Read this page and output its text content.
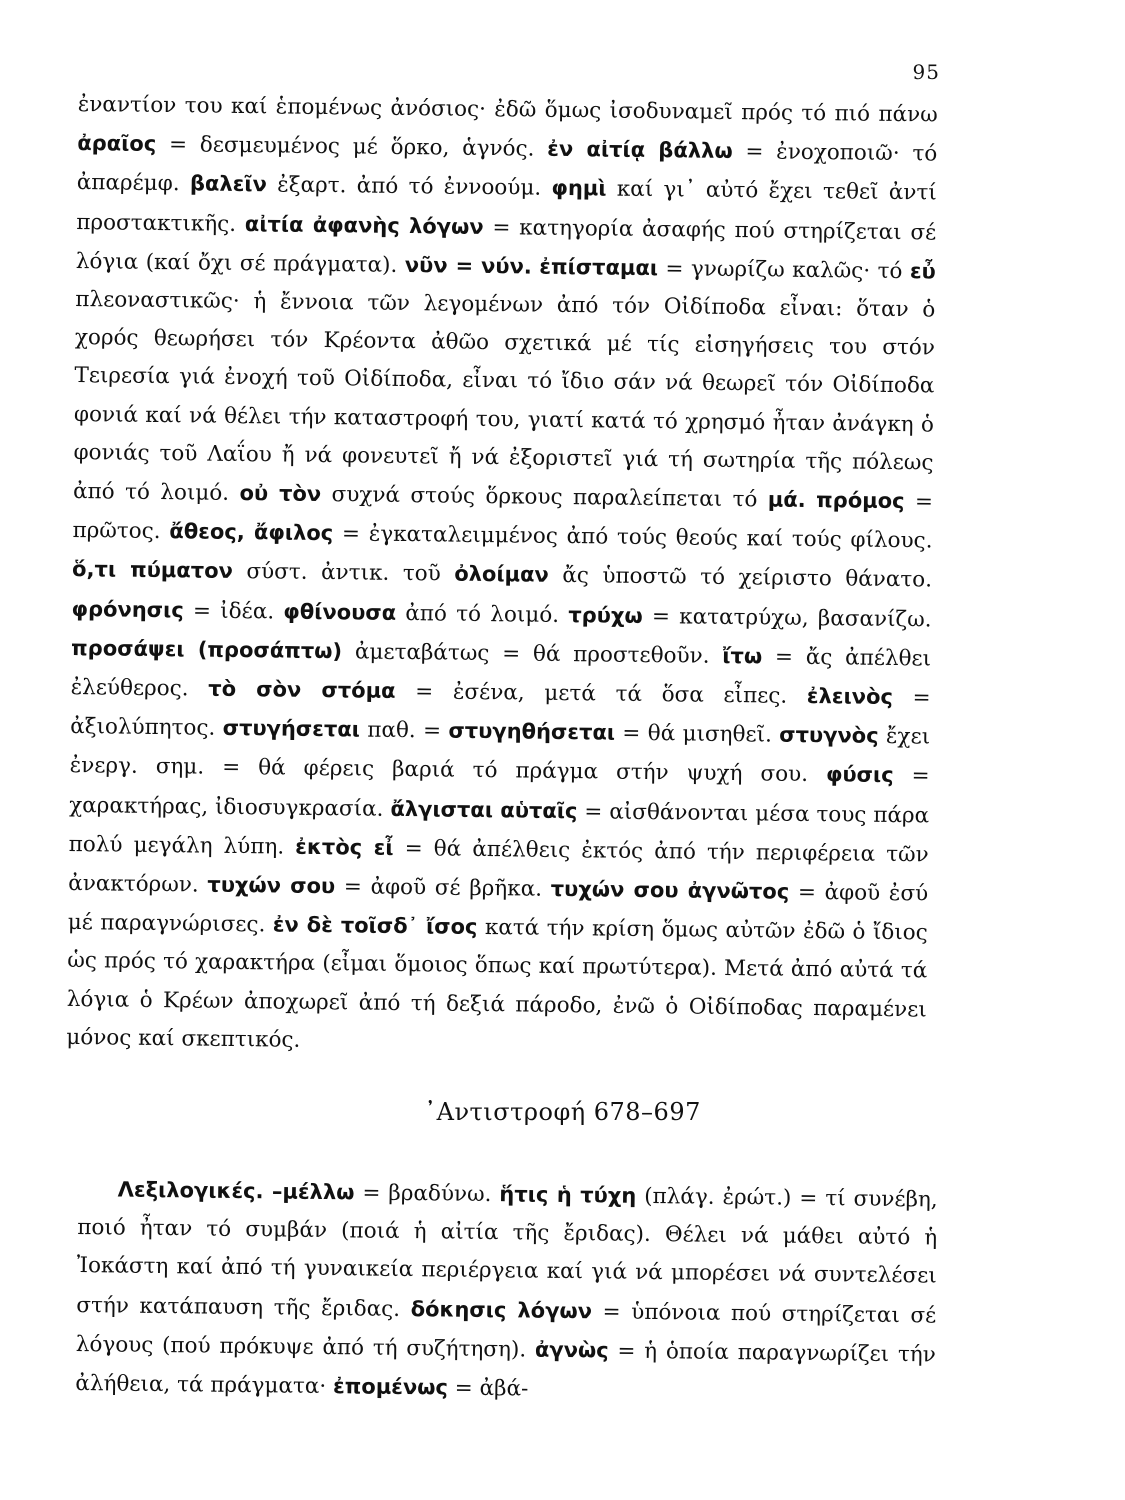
95

ἐναντίον του καί ἑπομένως ἀνόσιος· ἐδῶ ὅμως ἰσοδυναμεῖ πρός τό πιό πάνω ἀραῖος = δεσμευμένος μέ ὅρκο, ἁγνός. ἐν αἰτίᾳ βάλλω = ἐνοχοποιῶ· τό ἀπαρέμφ. βαλεῖν ἐξαρτ. ἀπό τό ἐννοούμ. φημὶ καί γι᾽ αὐτό ἔχει τεθεῖ ἀντί προστακτικῆς. αἰτία ἀφανὴς λόγων = κατηγορία ἀσαφής πού στηρίζεται σέ λόγια (καί ὄχι σέ πράγματα). νῦν = νύν. ἐπίσταμαι = γνωρίζω καλῶς· τό εὖ πλεοναστικῶς· ἡ ἔννοια τῶν λεγομένων ἀπό τόν Οἰδίποδα εἶναι: ὅταν ὁ χορός θεωρήσει τόν Κρέοντα ἀθῶο σχετικά μέ τίς εἰσηγήσεις του στόν Τειρεσία γιά ἐνοχή τοῦ Οἰδίποδα, εἶναι τό ἴδιο σάν νά θεωρεῖ τόν Οἰδίποδα φονιά καί νά θέλει τήν καταστροφή του, γιατί κατά τό χρησμό ἦταν ἀνάγκη ὁ φονιάς τοῦ Λαΐου ἤ νά φονευτεῖ ἤ νά ἐξοριστεῖ γιά τή σωτηρία τῆς πόλεως ἀπό τό λοιμό. οὐ τὸν συχνά στούς ὅρκους παραλείπεται τό μά. πρόμος = πρῶτος. ἄθεος, ἄφιλος = ἐγκαταλειμμένος ἀπό τούς θεούς καί τούς φίλους. ὅ,τι πύματον σύστ. ἀντικ. τοῦ ὀλοίμαν ἄς ὑποστῶ τό χείριστο θάνατο. φρόνησις = ἰδέα. φθίνουσα ἀπό τό λοιμό. τρύχω = κατατρύχω, βασανίζω. προσάψει (προσάπτω) ἀμεταβάτως = θά προστεθοῦν. ἴτω = ἄς ἀπέλθει ἐλεύθερος. τὸ σὸν στόμα = ἐσένα, μετά τά ὅσα εἶπες. ἐλεινὸς = ἀξιολύπητος. στυγήσεται παθ. = στυγηθήσεται = θά μισηθεῖ. στυγνὸς ἔχει ἐνεργ. σημ. = θά φέρεις βαριά τό πράγμα στήν ψυχή σου. φύσις = χαρακτήρας, ἰδιοσυγκρασία. ἄλγισται αὑταῖς = αἰσθάνονται μέσα τους πάρα πολύ μεγάλη λύπη. ἐκτὸς εἶ = θά ἀπέλθεις ἐκτός ἀπό τήν περιφέρεια τῶν ἀνακτόρων. τυχών σου = ἀφοῦ σέ βρῆκα. τυχών σου ἀγνῶτος = ἀφοῦ ἐσύ μέ παραγνώρισες. ἐν δὲ τοῖσδ᾽ ἴσος κατά τήν κρίση ὅμως αὐτῶν ἐδῶ ὁ ἴδιος ὡς πρός τό χαρακτήρα (εἶμαι ὅμοιος ὅπως καί πρωτύτερα). Μετά ἀπό αὐτά τά λόγια ὁ Κρέων ἀποχωρεῖ ἀπό τή δεξιά πάροδο, ἐνῶ ὁ Οἰδίποδας παραμένει μόνος καί σκεπτικός.

᾽Αντιστροφή 678–697

Λεξιλογικές. –μέλλω = βραδύνω. ἥτις ἡ τύχη (πλάγ. ἐρώτ.) = τί συνέβη, ποιό ἦταν τό συμβάν (ποιά ἡ αἰτία τῆς ἔριδας). Θέλει νά μάθει αὐτό ἡ Ἰοκάστη καί ἀπό τή γυναικεία περιέργεια καί γιά νά μπορέσει νά συντελέσει στήν κατάπαυση τῆς ἔριδας. δόκησις λόγων = ὑπόνοια πού στηρίζεται σέ λόγους (πού πρόκυψε ἀπό τή συζήτηση). ἀγνὼς = ἡ ὁποία παραγνωρίζει τήν ἀλήθεια, τά πράγματα· ἐπομένως = ἀβά-
